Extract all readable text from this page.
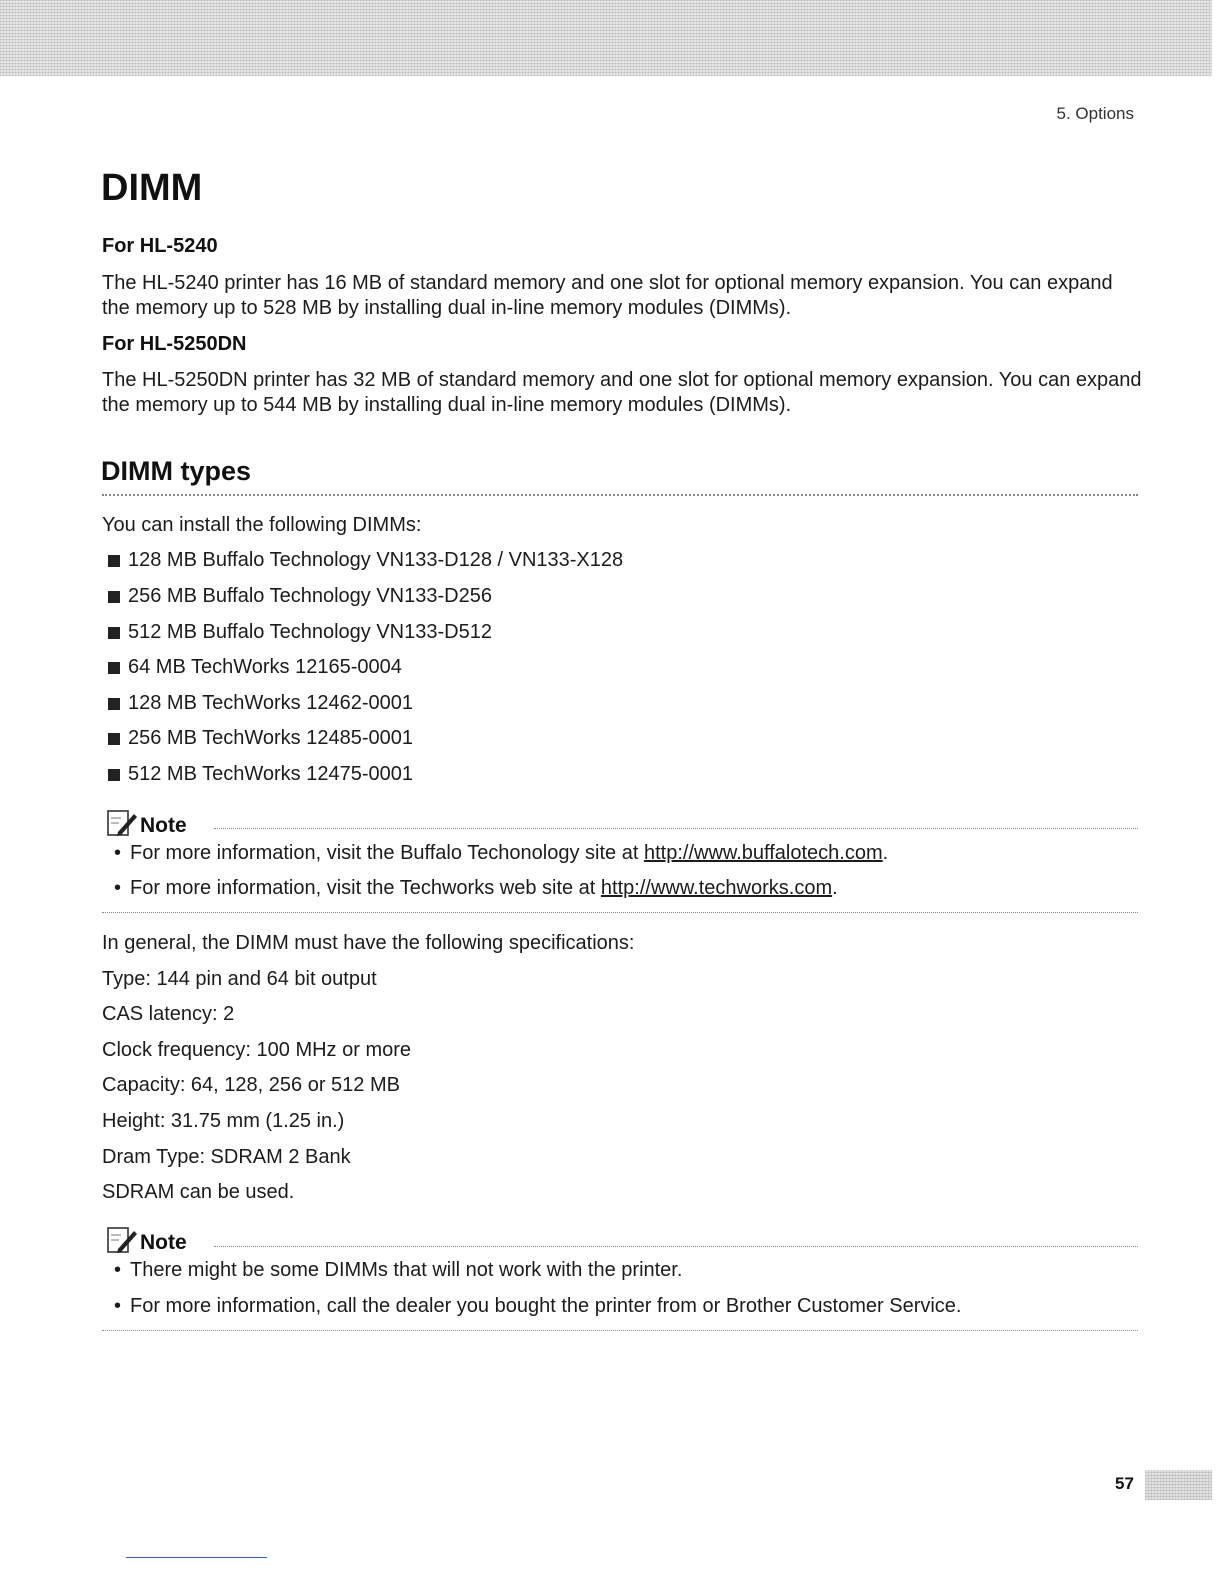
5. Options
DIMM
For HL-5240

The HL-5240 printer has 16 MB of standard memory and one slot for optional memory expansion. You can expand the memory up to 528 MB by installing dual in-line memory modules (DIMMs).

For HL-5250DN

The HL-5250DN printer has 32 MB of standard memory and one slot for optional memory expansion. You can expand the memory up to 544 MB by installing dual in-line memory modules (DIMMs).

DIMM types

You can install the following DIMMs:

128 MB Buffalo Technology VN133-D128 / VN133-X128
256 MB Buffalo Technology VN133-D256
512 MB Buffalo Technology VN133-D512
64 MB TechWorks 12165-0004
128 MB TechWorks 12462-0001
256 MB TechWorks 12485-0001
512 MB TechWorks 12475-0001
Note

• For more information, visit the Buffalo Techonology site at http://www.buffalotech.com.

• For more information, visit the Techworks web site at http://www.techworks.com.

In general, the DIMM must have the following specifications:

Type: 144 pin and 64 bit output

CAS latency: 2

Clock frequency: 100 MHz or more

Capacity: 64, 128, 256 or 512 MB

Height: 31.75 mm (1.25 in.)

Dram Type: SDRAM 2 Bank

SDRAM can be used.

Note

• There might be some DIMMs that will not work with the printer.

• For more information, call the dealer you bought the printer from or Brother Customer Service.

57
